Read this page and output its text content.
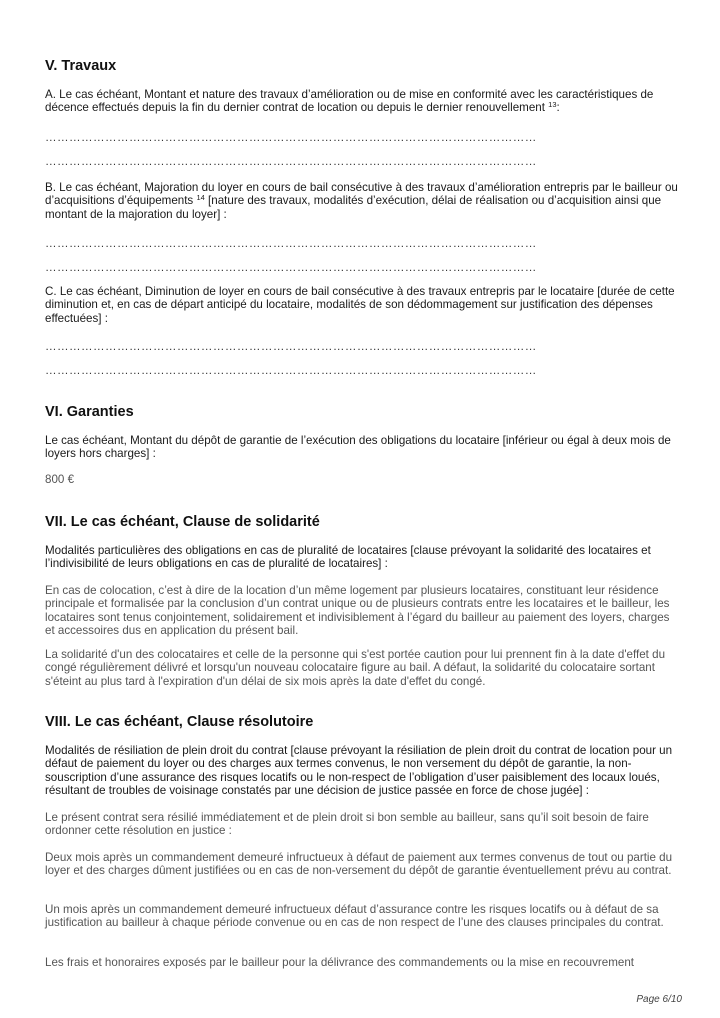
V. Travaux

A. Le cas échéant, Montant et nature des travaux d’amélioration ou de mise en conformité avec les caractéristiques de décence effectués depuis la fin du dernier contrat de location ou depuis le dernier renouvellement $^{13}$:

……………………………………………………………………………………………………………
……………………………………………………………………………………………………………

B. Le cas échéant, Majoration du loyer en cours de bail consécutive à des travaux d’amélioration entrepris par le bailleur ou d’acquisitions d’équipements $^{14}$ [nature des travaux, modalités d’exécution, délai de réalisation ou d’acquisition ainsi que montant de la majoration du loyer] :

……………………………………………………………………………………………………………
……………………………………………………………………………………………………………

C. Le cas échéant, Diminution de loyer en cours de bail consécutive à des travaux entrepris par le locataire [durée de cette diminution et, en cas de départ anticipé du locataire, modalités de son dédommagement sur justification des dépenses effectuées] :

……………………………………………………………………………………………………………
……………………………………………………………………………………………………………
VI. Garanties

Le cas échéant, Montant du dépôt de garantie de l’exécution des obligations du locataire [inférieur ou égal à deux mois de loyers hors charges] :

800 €

VII. Le cas échéant, Clause de solidarité

Modalités particulières des obligations en cas de pluralité de locataires [clause prévoyant la solidarité des locataires et l’indivisibilité de leurs obligations en cas de pluralité de locataires] :

En cas de colocation, c’est à dire de la location d’un même logement par plusieurs locataires, constituant leur résidence principale et formalisée par la conclusion d’un contrat unique ou de plusieurs contrats entre les locataires et le bailleur, les locataires sont tenus conjointement, solidairement et indivisiblement à l’égard du bailleur au paiement des loyers, charges et accessoires dus en application du présent bail.

La solidarité d'un des colocataires et celle de la personne qui s'est portée caution pour lui prennent fin à la date d'effet du congé régulièrement délivré et lorsqu'un nouveau colocataire figure au bail. A défaut, la solidarité du colocataire sortant s'éteint au plus tard à l'expiration d'un délai de six mois après la date d'effet du congé.

VIII. Le cas échéant, Clause résolutoire

Modalités de résiliation de plein droit du contrat [clause prévoyant la résiliation de plein droit du contrat de location pour un défaut de paiement du loyer ou des charges aux termes convenus, le non versement du dépôt de garantie, la non-souscription d’une assurance des risques locatifs ou le non-respect de l’obligation d’user paisiblement des locaux loués, résultant de troubles de voisinage constatés par une décision de justice passée en force de chose jugée] :

Le présent contrat sera résilié immédiatement et de plein droit si bon semble au bailleur, sans qu’il soit besoin de faire ordonner cette résolution en justice :

Deux mois après un commandement demeuré infructueux à défaut de paiement aux termes convenus de tout ou partie du loyer et des charges dûment justifiées ou en cas de non-versement du dépôt de garantie éventuellement prévu au contrat.

Un mois après un commandement demeuré infructueux défaut d’assurance contre les risques locatifs ou à défaut de sa justification au bailleur à chaque période convenue ou en cas de non respect de l’une des clauses principales du contrat.

Les frais et honoraires exposés par le bailleur pour la délivrance des commandements ou la mise en recouvrement

Page 6/10
